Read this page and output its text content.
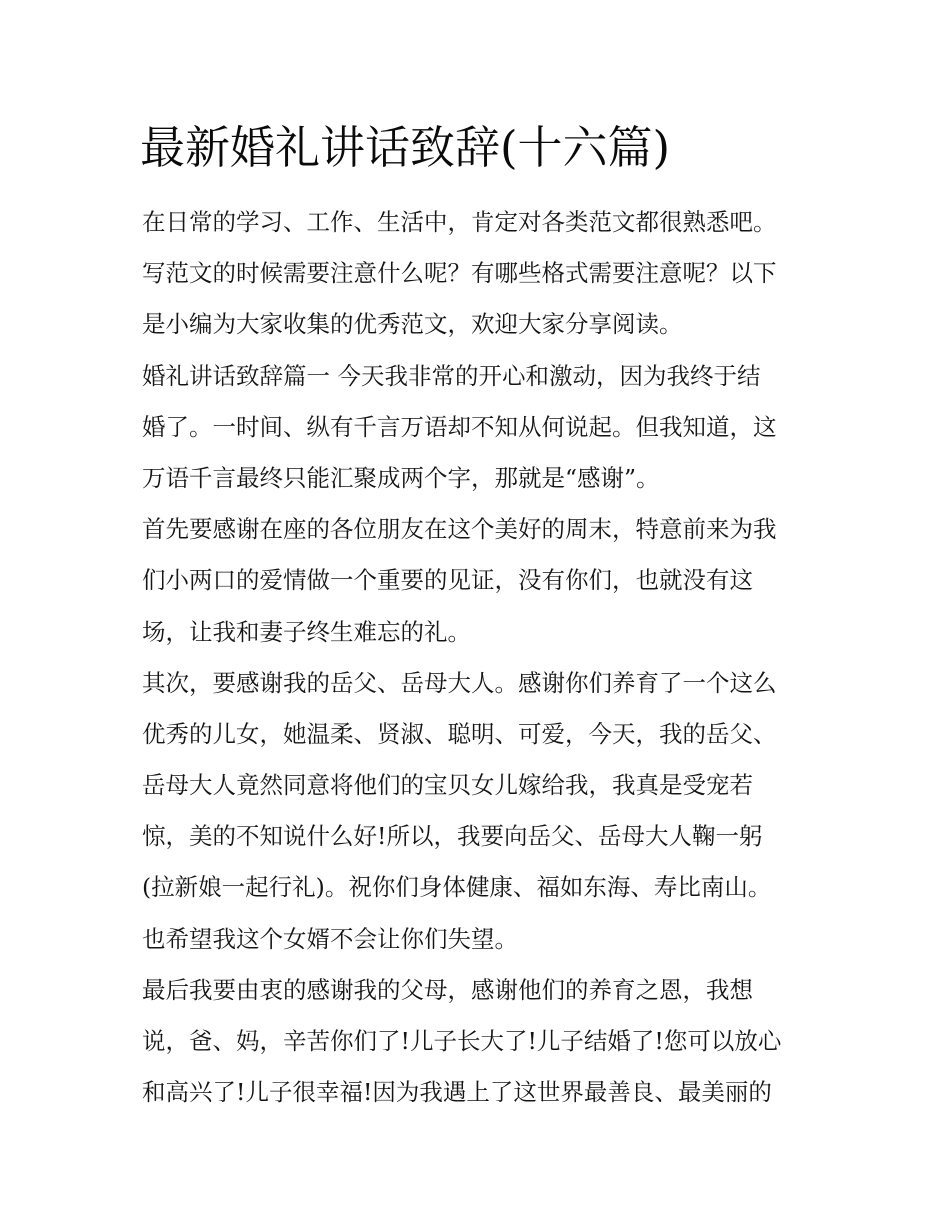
最新婚礼讲话致辞(十六篇)
在日常的学习、工作、生活中，肯定对各类范文都很熟悉吧。
写范文的时候需要注意什么呢？有哪些格式需要注意呢？以下
是小编为大家收集的优秀范文，欢迎大家分享阅读。
婚礼讲话致辞篇一 今天我非常的开心和激动，因为我终于结
婚了。一时间、纵有千言万语却不知从何说起。但我知道，这
万语千言最终只能汇聚成两个字，那就是“感谢”。
首先要感谢在座的各位朋友在这个美好的周末，特意前来为我
们小两口的爱情做一个重要的见证，没有你们，也就没有这
场，让我和妻子终生难忘的礼。
其次，要感谢我的岳父、岳母大人。感谢你们养育了一个这么
优秀的儿女，她温柔、贤淑、聪明、可爱，今天，我的岳父、
岳母大人竟然同意将他们的宝贝女儿嫁给我，我真是受宠若
惊，美的不知说什么好!所以，我要向岳父、岳母大人鞠一躬
(拉新娘一起行礼)。祝你们身体健康、福如东海、寿比南山。
也希望我这个女婿不会让你们失望。
最后我要由衷的感谢我的父母，感谢他们的养育之恩，我想
说，爸、妈，辛苦你们了!儿子长大了!儿子结婚了!您可以放心
和高兴了!儿子很幸福!因为我遇上了这世界最善良、最美丽的
